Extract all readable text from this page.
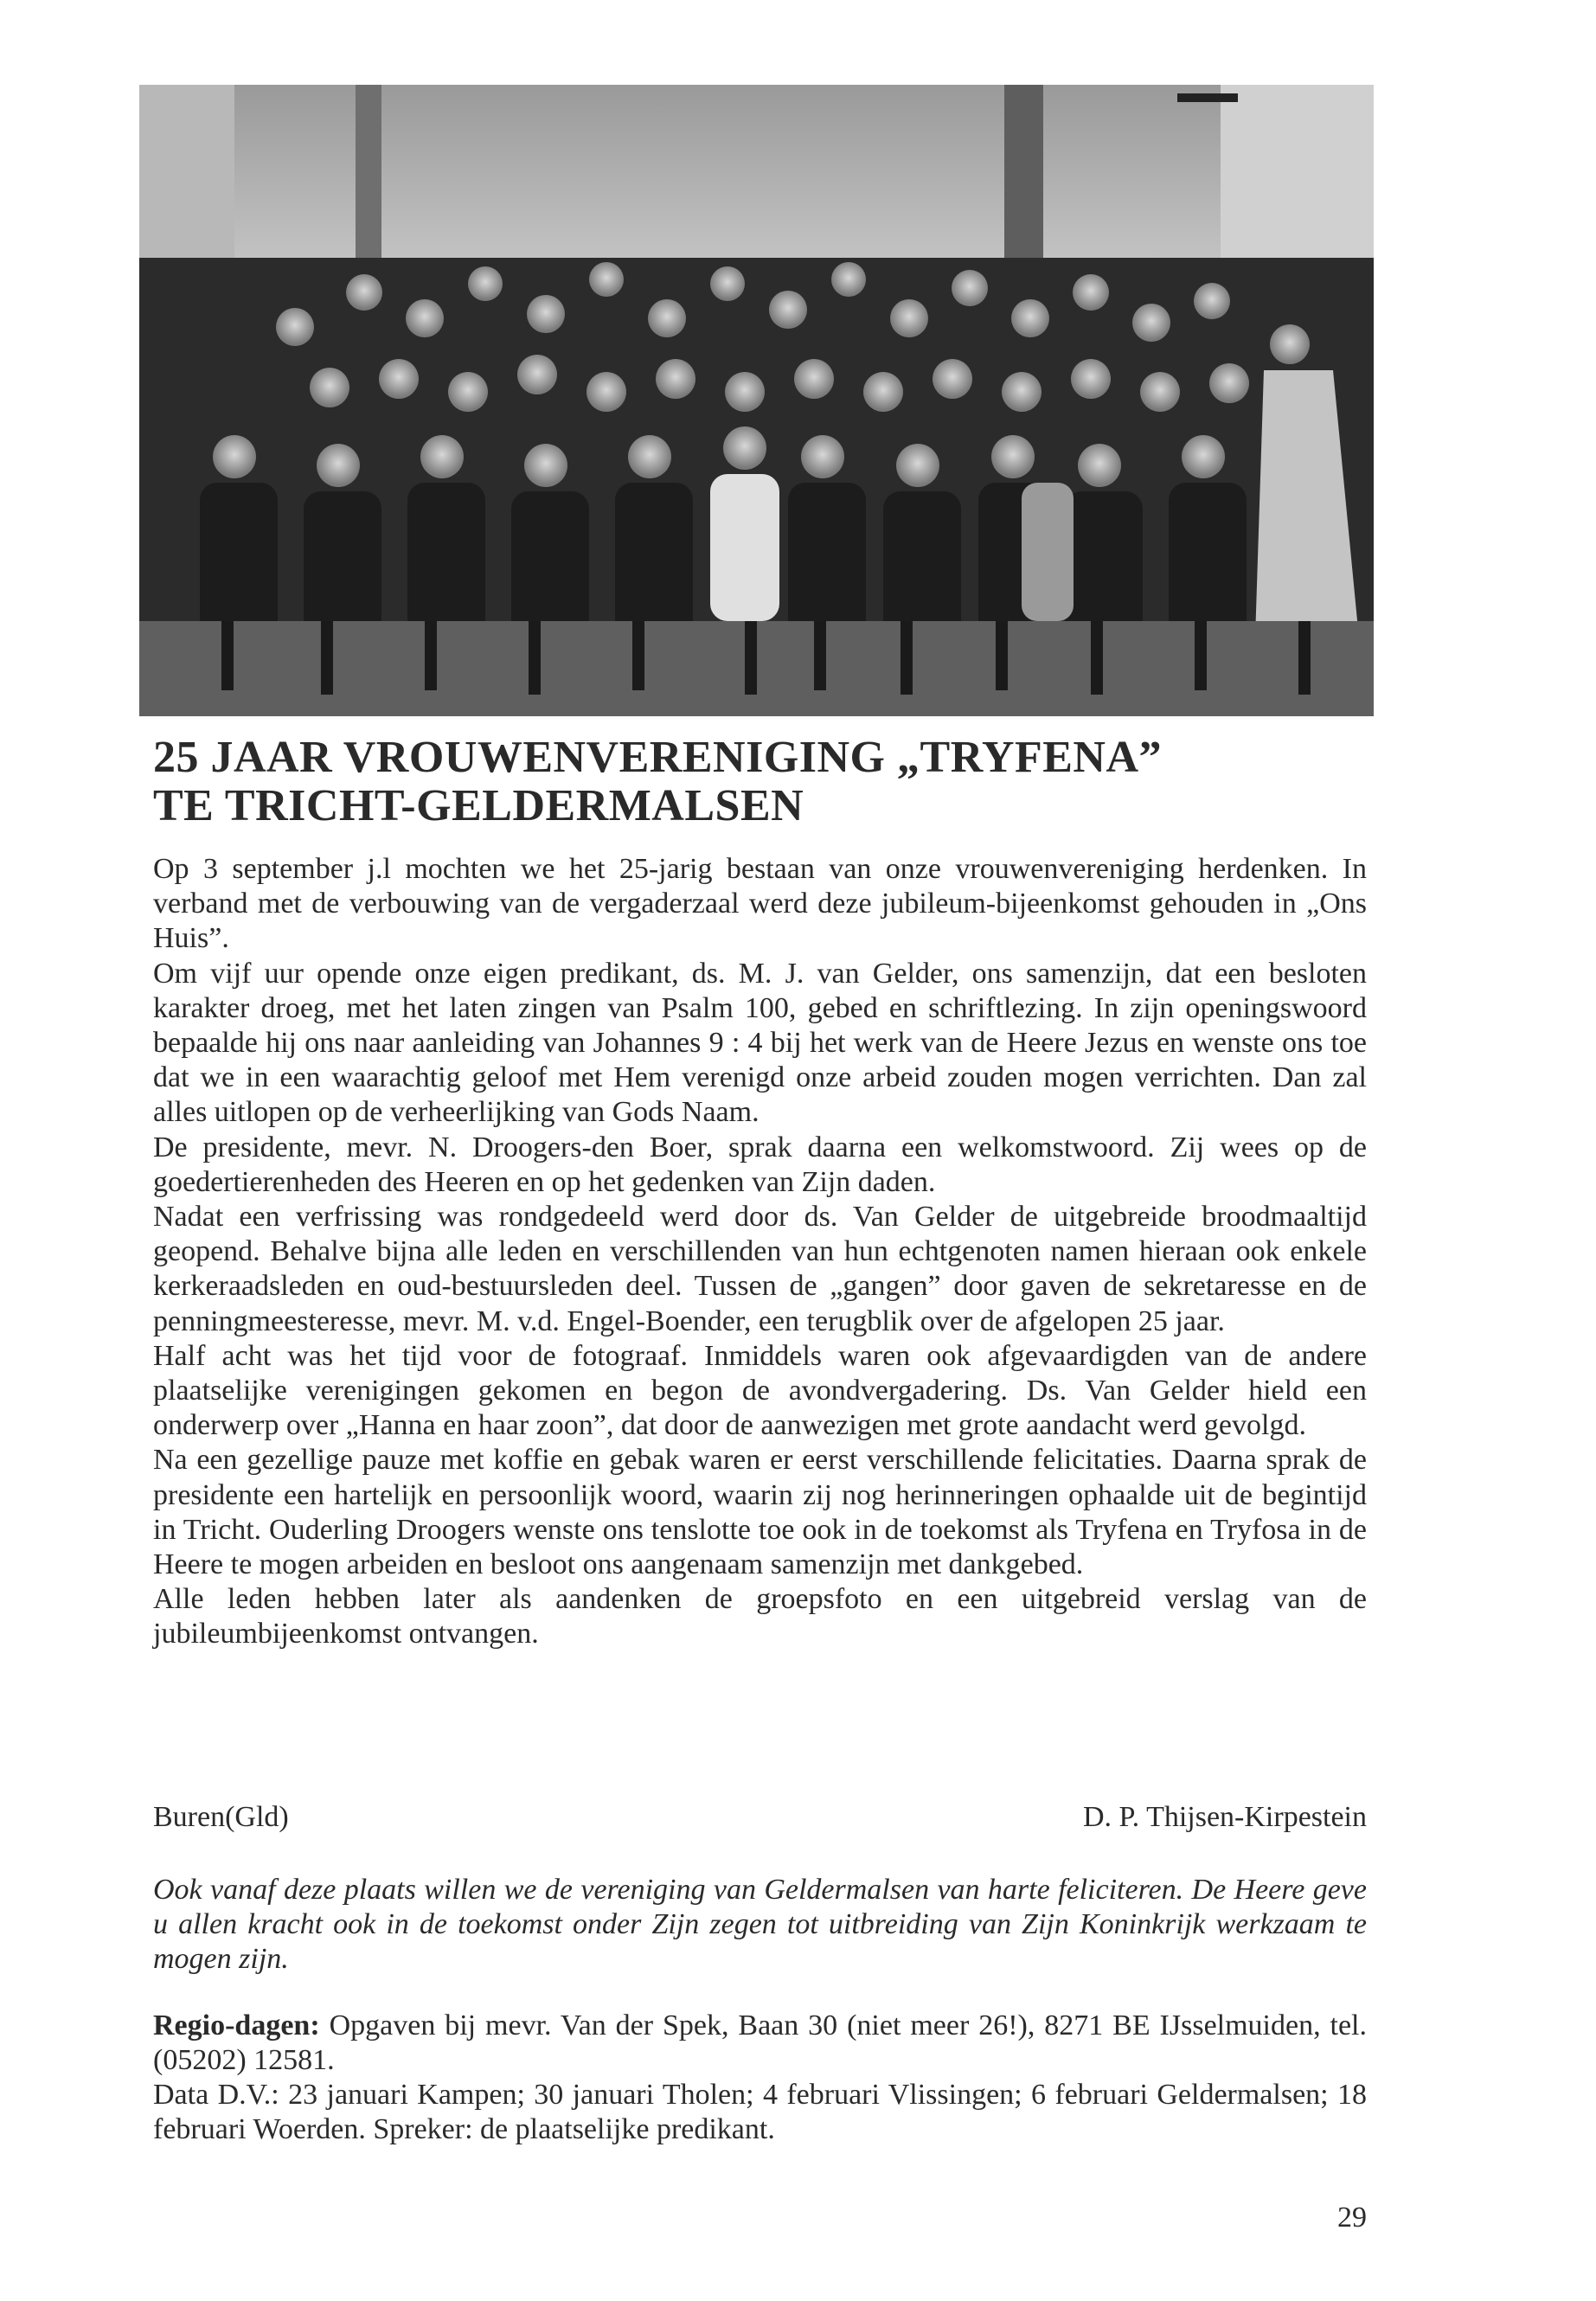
25 JAAR VROUWENVERENIGING „TRYFENA”
TE TRICHT-GELDERMALSEN

Op 3 september j.l mochten we het 25-jarig bestaan van onze vrouwenvereniging herdenken. In verband met de verbouwing van de vergaderzaal werd deze jubileum-bijeenkomst gehouden in „Ons Huis”.

Om vijf uur opende onze eigen predikant, ds. M. J. van Gelder, ons samenzijn, dat een besloten karakter droeg, met het laten zingen van Psalm 100, gebed en schriftlezing. In zijn openingswoord bepaalde hij ons naar aanleiding van Johannes 9 : 4 bij het werk van de Heere Jezus en wenste ons toe dat we in een waarachtig geloof met Hem verenigd onze arbeid zouden mogen verrichten. Dan zal alles uitlopen op de verheerlijking van Gods Naam.

De presidente, mevr. N. Droogers-den Boer, sprak daarna een welkomstwoord. Zij wees op de goedertierenheden des Heeren en op het gedenken van Zijn daden.

Nadat een verfrissing was rondgedeeld werd door ds. Van Gelder de uitgebreide broodmaaltijd geopend. Behalve bijna alle leden en verschillenden van hun echtgenoten namen hieraan ook enkele kerkeraadsleden en oud-bestuursleden deel. Tussen de „gangen” door gaven de sekretaresse en de penningmeesteresse, mevr. M. v.d. Engel-Boender, een terugblik over de afgelopen 25 jaar.

Half acht was het tijd voor de fotograaf. Inmiddels waren ook afgevaardigden van de andere plaatselijke verenigingen gekomen en begon de avondvergadering. Ds. Van Gelder hield een onderwerp over „Hanna en haar zoon”, dat door de aanwezigen met grote aandacht werd gevolgd.

Na een gezellige pauze met koffie en gebak waren er eerst verschillende felicitaties. Daarna sprak de presidente een hartelijk en persoonlijk woord, waarin zij nog herinneringen ophaalde uit de begintijd in Tricht. Ouderling Droogers wenste ons tenslotte toe ook in de toekomst als Tryfena en Tryfosa in de Heere te mogen arbeiden en besloot ons aangenaam samenzijn met dankgebed.

Alle leden hebben later als aandenken de groepsfoto en een uitgebreid verslag van de jubileumbijeenkomst ontvangen.

Buren(Gld)	D. P. Thijsen-Kirpestein
Ook vanaf deze plaats willen we de vereniging van Geldermalsen van harte feliciteren. De Heere geve u allen kracht ook in de toekomst onder Zijn zegen tot uitbreiding van Zijn Koninkrijk werkzaam te mogen zijn.

Regio-dagen: Opgaven bij mevr. Van der Spek, Baan 30 (niet meer 26!), 8271 BE IJsselmuiden, tel. (05202) 12581.

Data D.V.: 23 januari Kampen; 30 januari Tholen; 4 februari Vlissingen; 6 februari Geldermalsen; 18 februari Woerden. Spreker: de plaatselijke predikant.

29
